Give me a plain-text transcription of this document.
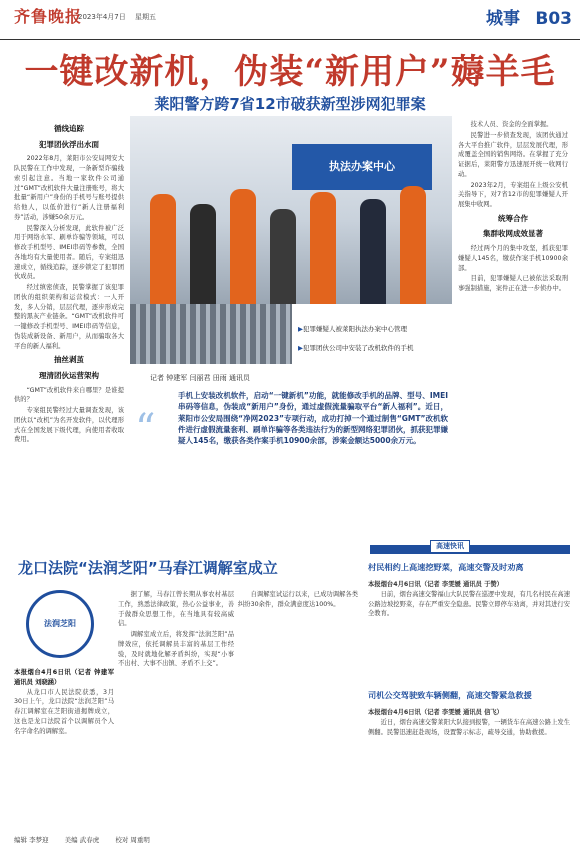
齐鲁晚报
2023年4月7日 星期五	城事 B03
一键改新机，伪装“新用户”薅羊毛
莱阳警方跨7省12市破获新型涉网犯罪案
循线追踪
犯罪团伙浮出水面

2022年8月，莱阳市公安局网安大队民警在工作中发现，一条新型诈骗线索引起注意。当地一家软件公司通过“GMT”改机软件大量注册账号，将大批量“新用户”身份的手机号与账号提供给他人，以低价进行“新人注册福利券”活动，涉嫌50余万元。

民警深入分析发现，此软件被广泛用于网络水军、刷单诈骗等领域，可以修改手机型号、IMEI串码等参数，全国各地均有大量使用者。随后，专案组迅速成立，循线追踪，逐步锁定了犯罪团伙成员。

经过缜密侦查，民警掌握了该犯罪团伙的组织架构和运营模式：一人开发，多人分销，层层代理，逐步形成完整的黑灰产业链条。“GMT”改机软件可一键修改手机型号、IMEI串码等信息，伪装成新设备、新用户，从而骗取各大平台的新人福利。

抽丝剥茧
理清团伙运营架构

“GMT”改机软件来自哪里？是谁提供的？

专案组民警经过大量调查发现，该团伙以“改机”为名开发软件，以代理形式在全国发展下级代理，向使用者收取费用。

执法办案中心
▶犯罪嫌疑人被莱阳执法办案中心管理
▶犯罪团伙公司中安装了改机软件的手机
记者 钟建军 闫丽君 田雨 通讯员
“
手机上安装改机软件，启动“一键新机”功能，就能修改手机的品牌、型号、IMEI串码等信息，伪装成“新用户”身份，通过虚假流量骗取平台“新人福利”。近日，莱阳市公安局围绕“净网2023”专项行动，成功打掉一个通过制售“GMT”改机软件进行虚假流量套利、刷单诈骗等各类违法行为的新型网络犯罪团伙，抓获犯罪嫌疑人145名，缴获各类作案手机10900余部，涉案金额达5000余万元。

技术人员、资金的全面掌握。

民警进一步侦查发现，该团伙通过各大平台推广软件，层层发展代理，形成覆盖全国的销售网络。在掌握了充分证据后，莱阳警方迅速展开统一收网行动。

2023年2月，专案组在上级公安机关指导下，对7省12市的犯罪嫌疑人开展集中收网。

统筹合作
集群收网成效显著

经过两个月的集中攻坚，抓获犯罪嫌疑人145名，缴获作案手机10900余部。

目前，犯罪嫌疑人已被依法采取刑事强制措施，案件正在进一步侦办中。

龙口法院“法润芝阳”马春江调解室成立
法润芝阳
本报烟台4月6日讯（记者 钟建军 通讯员 刘晓涵）

从龙口市人民法院获悉，3月30日上午，龙口法院“法润芝阳”马春江调解室在芝阳街道揭牌成立，这也是龙口法院首个以调解员个人名字命名的调解室。

据了解，马春江曾长期从事农村基层工作，熟悉法律政策，热心公益事业，善于做群众思想工作，在当地具有较高威信。

调解室成立后，将发挥“法润芝阳”品牌效应，依托调解员丰富的基层工作经验，及时就地化解矛盾纠纷，实现“小事不出村、大事不出镇、矛盾不上交”。

自调解室试运行以来，已成功调解各类纠纷30余件，群众满意度达100%。

高速快讯
村民相约上高速挖野菜，高速交警及时劝离
本报烟台4月6日讯（记者 李雯媛 通讯员 于赞）

日前，烟台高速交警福山大队民警在巡逻中发现，有几名村民在高速公路边坡挖野菜，存在严重安全隐患。民警立即停车劝离，并对其进行安全教育。

司机公交驾驶致车辆侧翻，高速交警紧急救援
本报烟台4月6日讯（记者 李雯媛 通讯员 信飞）

近日，烟台高速交警莱阳大队接到报警，一辆货车在高速公路上发生侧翻。民警迅速赶赴现场，设置警示标志，疏导交通，协助救援。

编辑 李梦迎 美编 武春虎 校对 周重明
